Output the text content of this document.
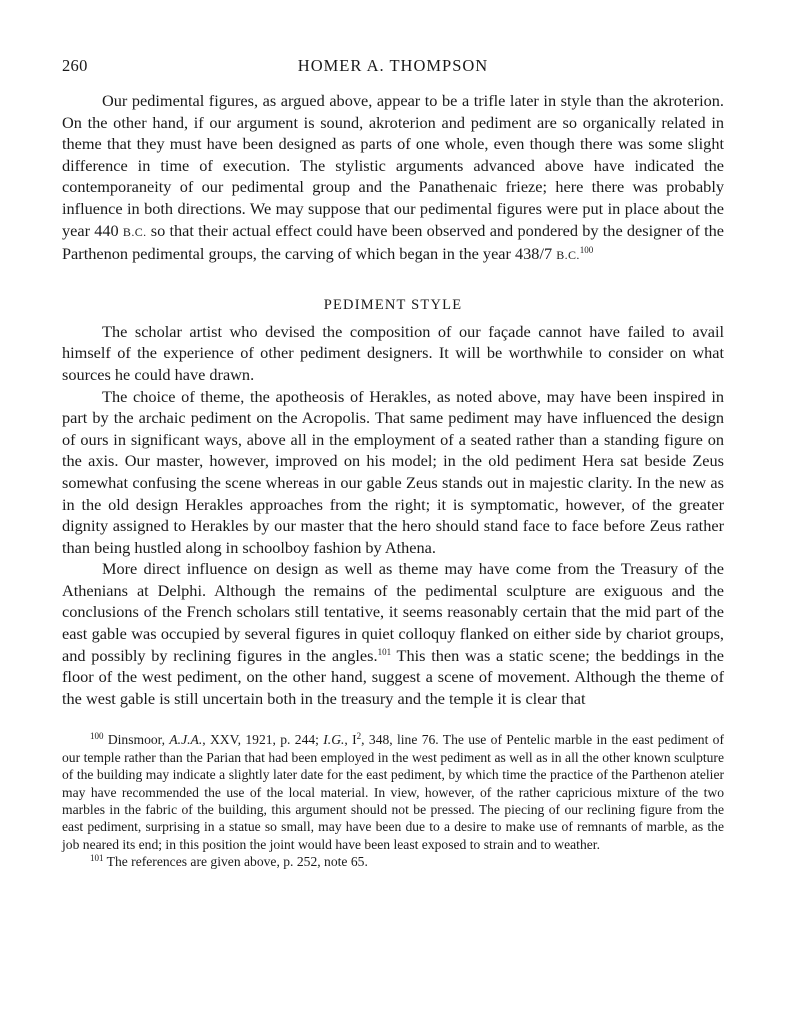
260	HOMER A. THOMPSON

Our pedimental figures, as argued above, appear to be a trifle later in style than the akroterion. On the other hand, if our argument is sound, akroterion and pediment are so organically related in theme that they must have been designed as parts of one whole, even though there was some slight difference in time of execution. The stylistic arguments advanced above have indicated the contemporaneity of our pedimental group and the Panathenaic frieze; here there was probably influence in both directions. We may suppose that our pedimental figures were put in place about the year 440 B.C. so that their actual effect could have been observed and pondered by the designer of the Parthenon pedimental groups, the carving of which began in the year 438/7 B.C.$^{100}$

PEDIMENT STYLE

The scholar artist who devised the composition of our façade cannot have failed to avail himself of the experience of other pediment designers. It will be worthwhile to consider on what sources he could have drawn.

The choice of theme, the apotheosis of Herakles, as noted above, may have been inspired in part by the archaic pediment on the Acropolis. That same pediment may have influenced the design of ours in significant ways, above all in the employment of a seated rather than a standing figure on the axis. Our master, however, improved on his model; in the old pediment Hera sat beside Zeus somewhat confusing the scene whereas in our gable Zeus stands out in majestic clarity. In the new as in the old design Herakles approaches from the right; it is symptomatic, however, of the greater dignity assigned to Herakles by our master that the hero should stand face to face before Zeus rather than being hustled along in schoolboy fashion by Athena.

More direct influence on design as well as theme may have come from the Treasury of the Athenians at Delphi. Although the remains of the pedimental sculpture are exiguous and the conclusions of the French scholars still tentative, it seems reasonably certain that the mid part of the east gable was occupied by several figures in quiet colloquy flanked on either side by chariot groups, and possibly by reclining figures in the angles.$^{101}$ This then was a static scene; the beddings in the floor of the west pediment, on the other hand, suggest a scene of movement. Although the theme of the west gable is still uncertain both in the treasury and the temple it is clear that

$^{100}$ Dinsmoor, A.J.A., XXV, 1921, p. 244; I.G., I$^2$, 348, line 76. The use of Pentelic marble in the east pediment of our temple rather than the Parian that had been employed in the west pediment as well as in all the other known sculpture of the building may indicate a slightly later date for the east pediment, by which time the practice of the Parthenon atelier may have recommended the use of the local material. In view, however, of the rather capricious mixture of the two marbles in the fabric of the building, this argument should not be pressed. The piecing of our reclining figure from the east pediment, surprising in a statue so small, may have been due to a desire to make use of remnants of marble, as the job neared its end; in this position the joint would have been least exposed to strain and to weather.

$^{101}$ The references are given above, p. 252, note 65.
